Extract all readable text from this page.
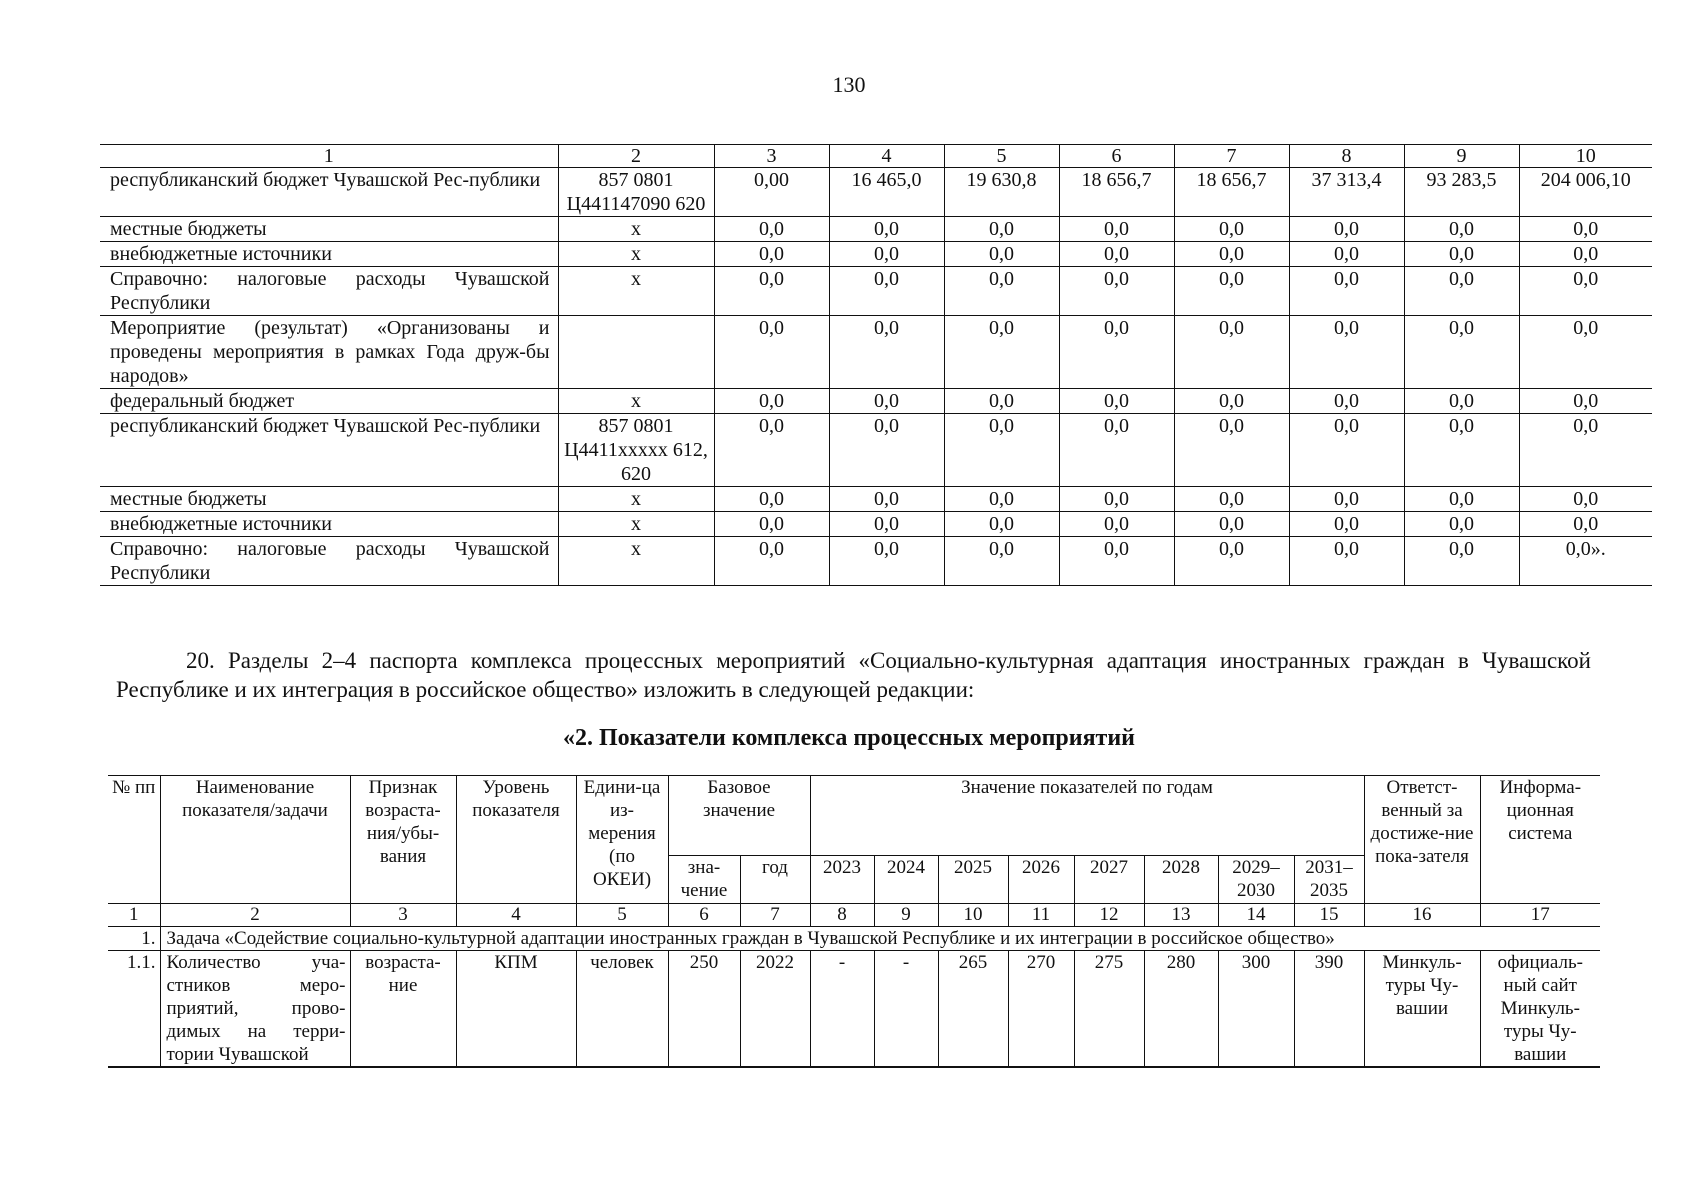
130
1	2	3	4	5	6	7	8	9	10
республиканский бюджет Чувашской Рес-публики	857 0801 Ц441147090 620	0,00	16 465,0	19 630,8	18 656,7	18 656,7	37 313,4	93 283,5	204 006,10
местные бюджеты	х	0,0	0,0	0,0	0,0	0,0	0,0	0,0	0,0
внебюджетные источники	х	0,0	0,0	0,0	0,0	0,0	0,0	0,0	0,0
Справочно: налоговые расходы Чувашской Республики	х	0,0	0,0	0,0	0,0	0,0	0,0	0,0	0,0
Мероприятие (результат) «Организованы и проведены мероприятия в рамках Года друж-бы народов»		0,0	0,0	0,0	0,0	0,0	0,0	0,0	0,0
федеральный бюджет	х	0,0	0,0	0,0	0,0	0,0	0,0	0,0	0,0
республиканский бюджет Чувашской Рес-публики	857 0801 Ц4411ххххх 612, 620	0,0	0,0	0,0	0,0	0,0	0,0	0,0	0,0
местные бюджеты	х	0,0	0,0	0,0	0,0	0,0	0,0	0,0	0,0
внебюджетные источники	х	0,0	0,0	0,0	0,0	0,0	0,0	0,0	0,0
Справочно: налоговые расходы Чувашской Республики	х	0,0	0,0	0,0	0,0	0,0	0,0	0,0	0,0».
20. Разделы 2–4 паспорта комплекса процессных мероприятий «Социально-культурная адаптация иностранных граждан в Чувашской Республике и их интеграция в российское общество» изложить в следующей редакции:
«2. Показатели комплекса процессных мероприятий
№ пп	Наименование показателя/задачи	Признак возраста-ния/убы-вания	Уровень показателя	Едини-ца из-мерения (по ОКЕИ)	Базовое значение		Значение показателей по годам								Ответст-венный за достиже-ние пока-зателя	Информа-ционная система
					зна-чение	год	2023	2024	2025	2026	2027	2028	2029–2030	2031–2035		
1	2	3	4	5	6	7	8	9	10	11	12	13	14	15	16	17
1.	Задача «Содействие социально-культурной адаптации иностранных граждан в Чувашской Республике и их интеграции в российское общество»															
1.1.	Количество уча-стников меро-приятий, прово-димых на терри-тории Чувашской	возраста-ние	КПМ	человек	250	2022	-	-	265	270	275	280	300	390	Минкуль-туры Чу-вашии	официаль-ный сайт Минкуль-туры Чу-вашии
